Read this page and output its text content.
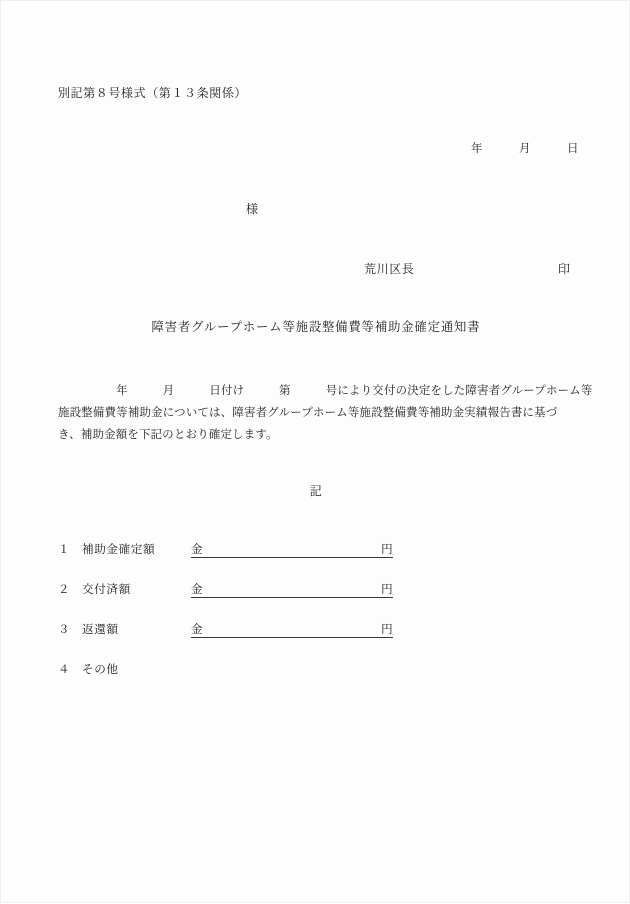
別記第８号様式（第１３条関係）
年　　　月　　　日
様
荒川区長	印
障害者グループホーム等施設整備費等補助金確定通知書
　　　　　年　　　月　　　日付け　　　第　　　号により交付の決定をした障害者グループホーム等
施設整備費等補助金については、障害者グループホーム等施設整備費等補助金実績報告書に基づ
き、補助金額を下記のとおり確定します。
記
１ 補助金確定額	金	円
２ 交付済額	金	円
３ 返還額	金	円
４ その他
